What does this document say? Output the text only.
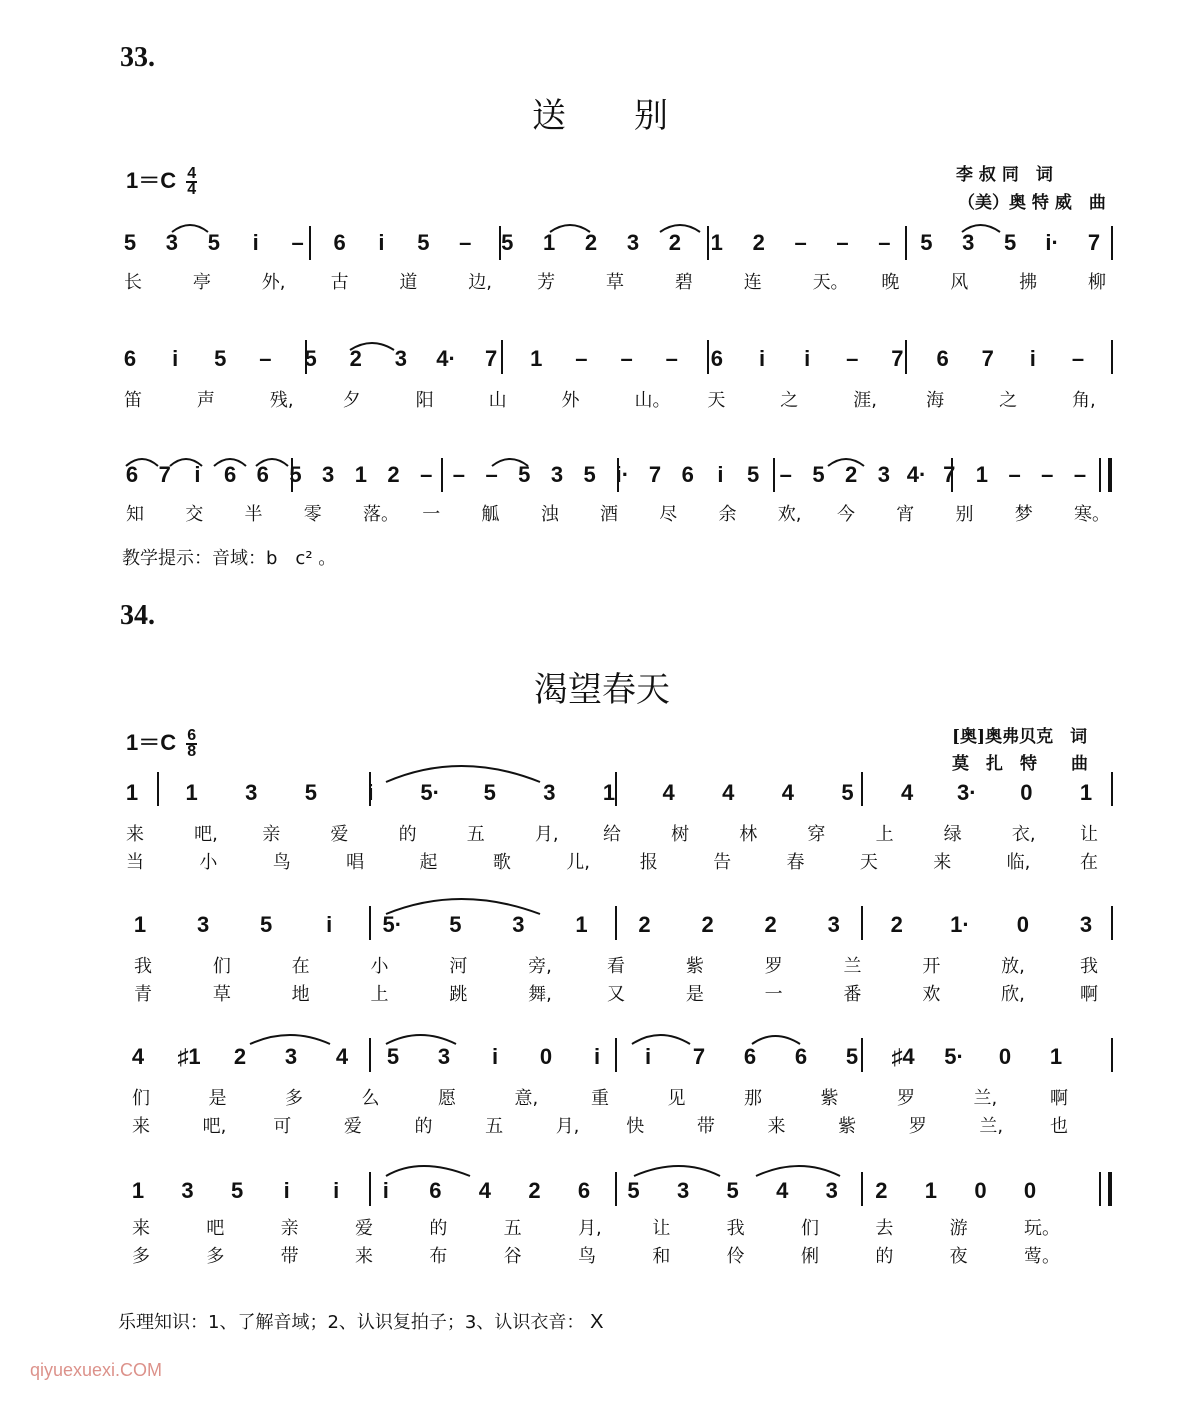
33.
送　　别
$1=C \frac{4}{4}$	李 叔 同　词
（美）奥 特 威　曲
5 3 5	i	– 6	i	5 – 5 1 2 3 2 1 2 – – – 5 3 5 i· 7
长	亭	外,	古	道	边,	芳	草	碧	连	天。 晚	风	拂	柳
6	i	5 – 5 2 3 4· 7 1 – – – 6	i	i	– 7 6 7	i	–
笛	声	残,	夕	阳	山	外	山。 天	之	涯,	海	之	角,
6 7	i	6 6 5 3 1 2 – – – 5 3 5 i· 7 6	i	5 – 5 2 3 4· 7 1 – – –
知 交 半 零 落。 一 觚 浊 酒 尽 余 欢, 今 宵 别 梦 寒。
教学提示：音域：b　c² 。
34.
渴望春天
$1=C \frac{6}{8}$	[奥]奥弗贝克　词
莫　扎　特　　曲
1 1 3 5	i	5· 5 3 1 4 4 4 5 4 3· 0 1
来	吧, 亲	爱	的	五	月, 给	树	林	穿	上	绿	衣, 让
当	小	鸟	唱	起	歌	儿,	报	告	春	天	来	临,	在
1 3 5	i	5· 5 3 1 2 2 2 3 2 1· 0 3
我	们	在	小	河	旁,	看	紫	罗	兰	开	放,	我
青	草	地	上	跳	舞,	又	是	一	番	欢	欣,	啊
4 ♯1 2 3 4 5 3	i	0	i	i	7 6 6 5 ♯4 5· 0 1
们	是	多	么	愿	意,	重	见	那	紫	罗	兰,	啊
来	吧,	可	爱	的	五	月,	快	带	来	紫	罗	兰,	也
1 3 5	i	i	i	6 4 2 6 5 3 5 4 3 2 1 0 0
来	吧	亲	爱	的	五	月,	让	我	们	去	游	玩。
多	多	带	来	布	谷	鸟	和	伶	俐	的	夜	莺。
乐理知识：1、了解音域；2、认识复拍子；3、认识衣音： X
qiyuexuexi.COM
